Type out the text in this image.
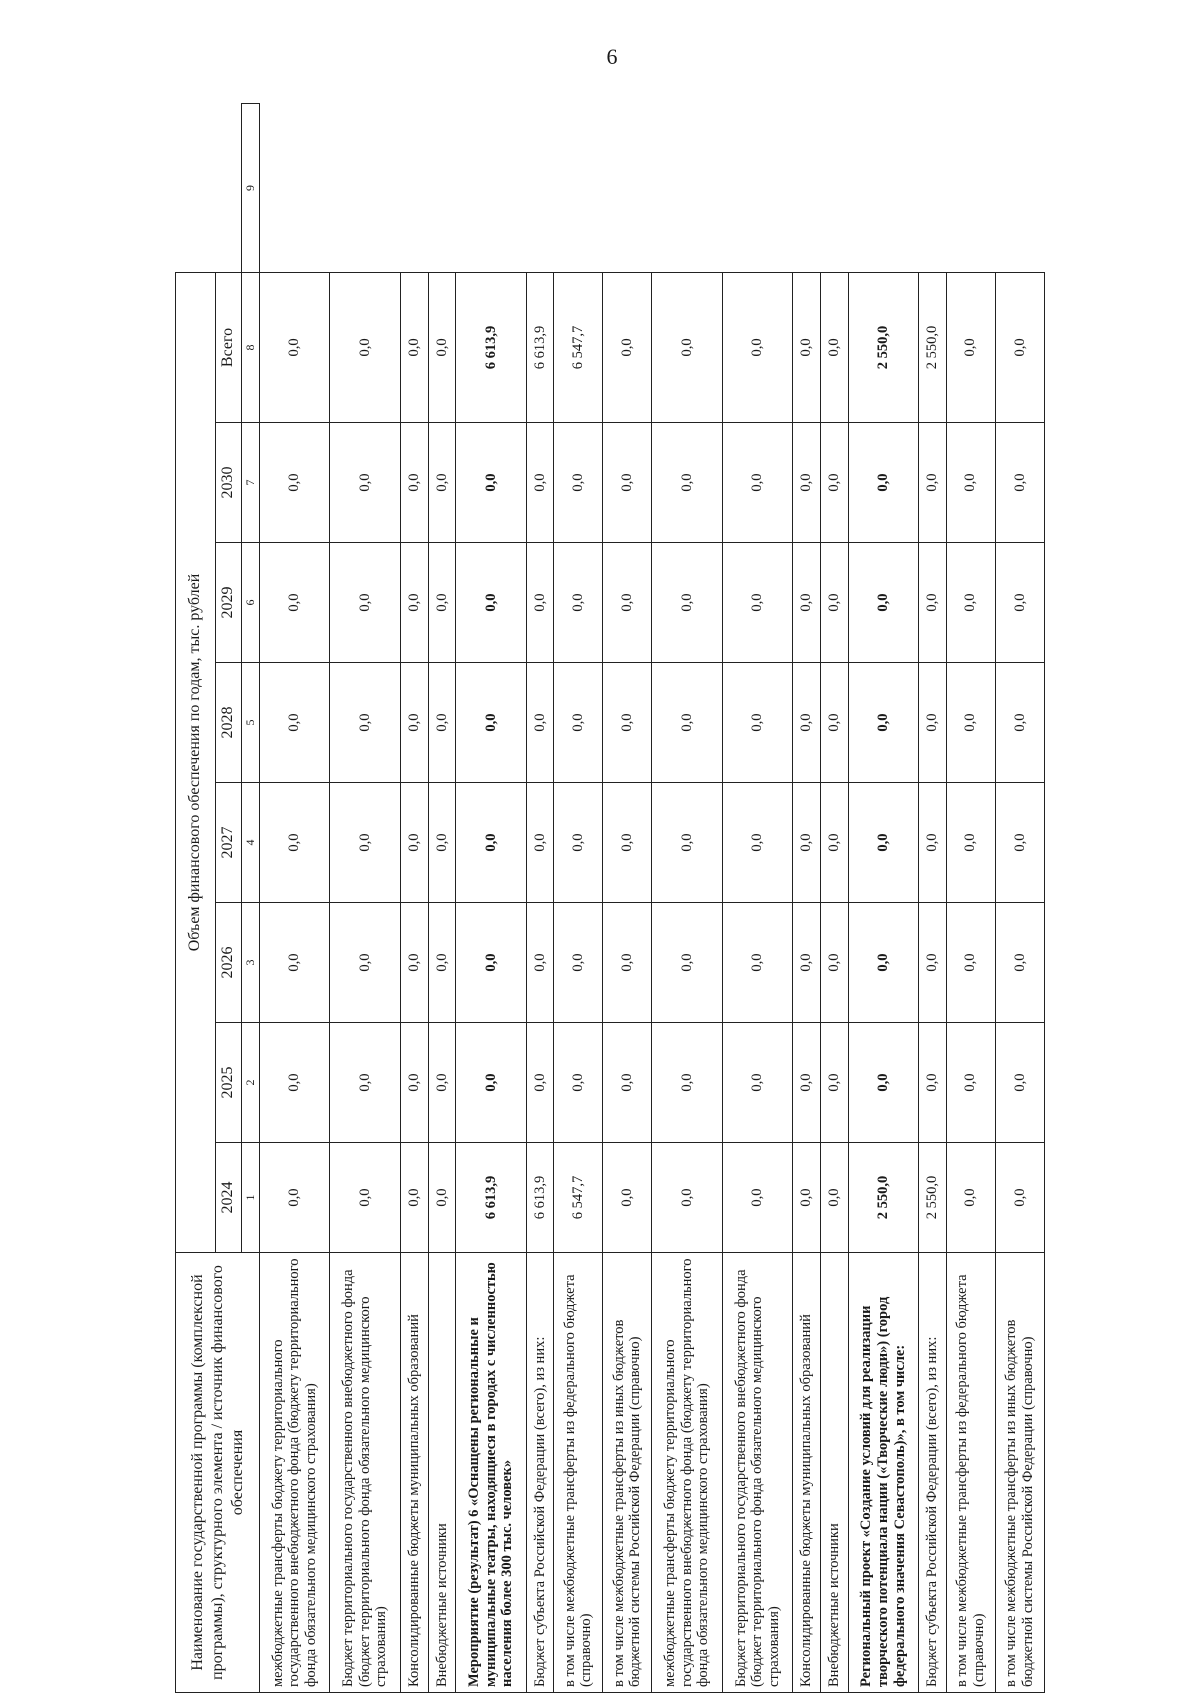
6
Наименование государственной программы (комплексной программы), структурного элемента / источник финансового обеспечения	Объем финансового обеспечения по годам, тыс. рублей								
	2024	2025	2026	2027	2028	2029	2030	Всего	
	1	2	3	4	5	6	7	8	9
межбюджетные трансферты бюджету территориального государственного внебюджетного фонда (бюджету территориального фонда обязательного медицинского страхования)	0,0	0,0	0,0	0,0	0,0	0,0	0,0	0,0	
Бюджет территориального государственного внебюджетного фонда (бюджет территориального фонда обязательного медицинского страхования)	0,0	0,0	0,0	0,0	0,0	0,0	0,0	0,0	
Консолидированные бюджеты муниципальных образований	0,0	0,0	0,0	0,0	0,0	0,0	0,0	0,0	
Внебюджетные источники	0,0	0,0	0,0	0,0	0,0	0,0	0,0	0,0	
Мероприятие (результат) 6 «Оснащены региональные и муниципальные театры, находящиеся в городах с численностью населения более 300 тыс. человек»	6 613,9	0,0	0,0	0,0	0,0	0,0	0,0	6 613,9	
Бюджет субъекта Российской Федерации (всего), из них:	6 613,9	0,0	0,0	0,0	0,0	0,0	0,0	6 613,9	
в том числе межбюджетные трансферты из федерального бюджета (справочно)	6 547,7	0,0	0,0	0,0	0,0	0,0	0,0	6 547,7	
в том числе межбюджетные трансферты из иных бюджетов бюджетной системы Российской Федерации (справочно)	0,0	0,0	0,0	0,0	0,0	0,0	0,0	0,0	
межбюджетные трансферты бюджету территориального государственного внебюджетного фонда (бюджету территориального фонда обязательного медицинского страхования)	0,0	0,0	0,0	0,0	0,0	0,0	0,0	0,0	
Бюджет территориального государственного внебюджетного фонда (бюджет территориального фонда обязательного медицинского страхования)	0,0	0,0	0,0	0,0	0,0	0,0	0,0	0,0	
Консолидированные бюджеты муниципальных образований	0,0	0,0	0,0	0,0	0,0	0,0	0,0	0,0	
Внебюджетные источники	0,0	0,0	0,0	0,0	0,0	0,0	0,0	0,0	
Региональный проект «Создание условий для реализации творческого потенциала нации («Творческие люди») (город федерального значения Севастополь)», в том числе:	2 550,0	0,0	0,0	0,0	0,0	0,0	0,0	2 550,0	
Бюджет субъекта Российской Федерации (всего), из них:	2 550,0	0,0	0,0	0,0	0,0	0,0	0,0	2 550,0	
в том числе межбюджетные трансферты из федерального бюджета (справочно)	0,0	0,0	0,0	0,0	0,0	0,0	0,0	0,0	
в том числе межбюджетные трансферты из иных бюджетов бюджетной системы Российской Федерации (справочно)	0,0	0,0	0,0	0,0	0,0	0,0	0,0	0,0	
